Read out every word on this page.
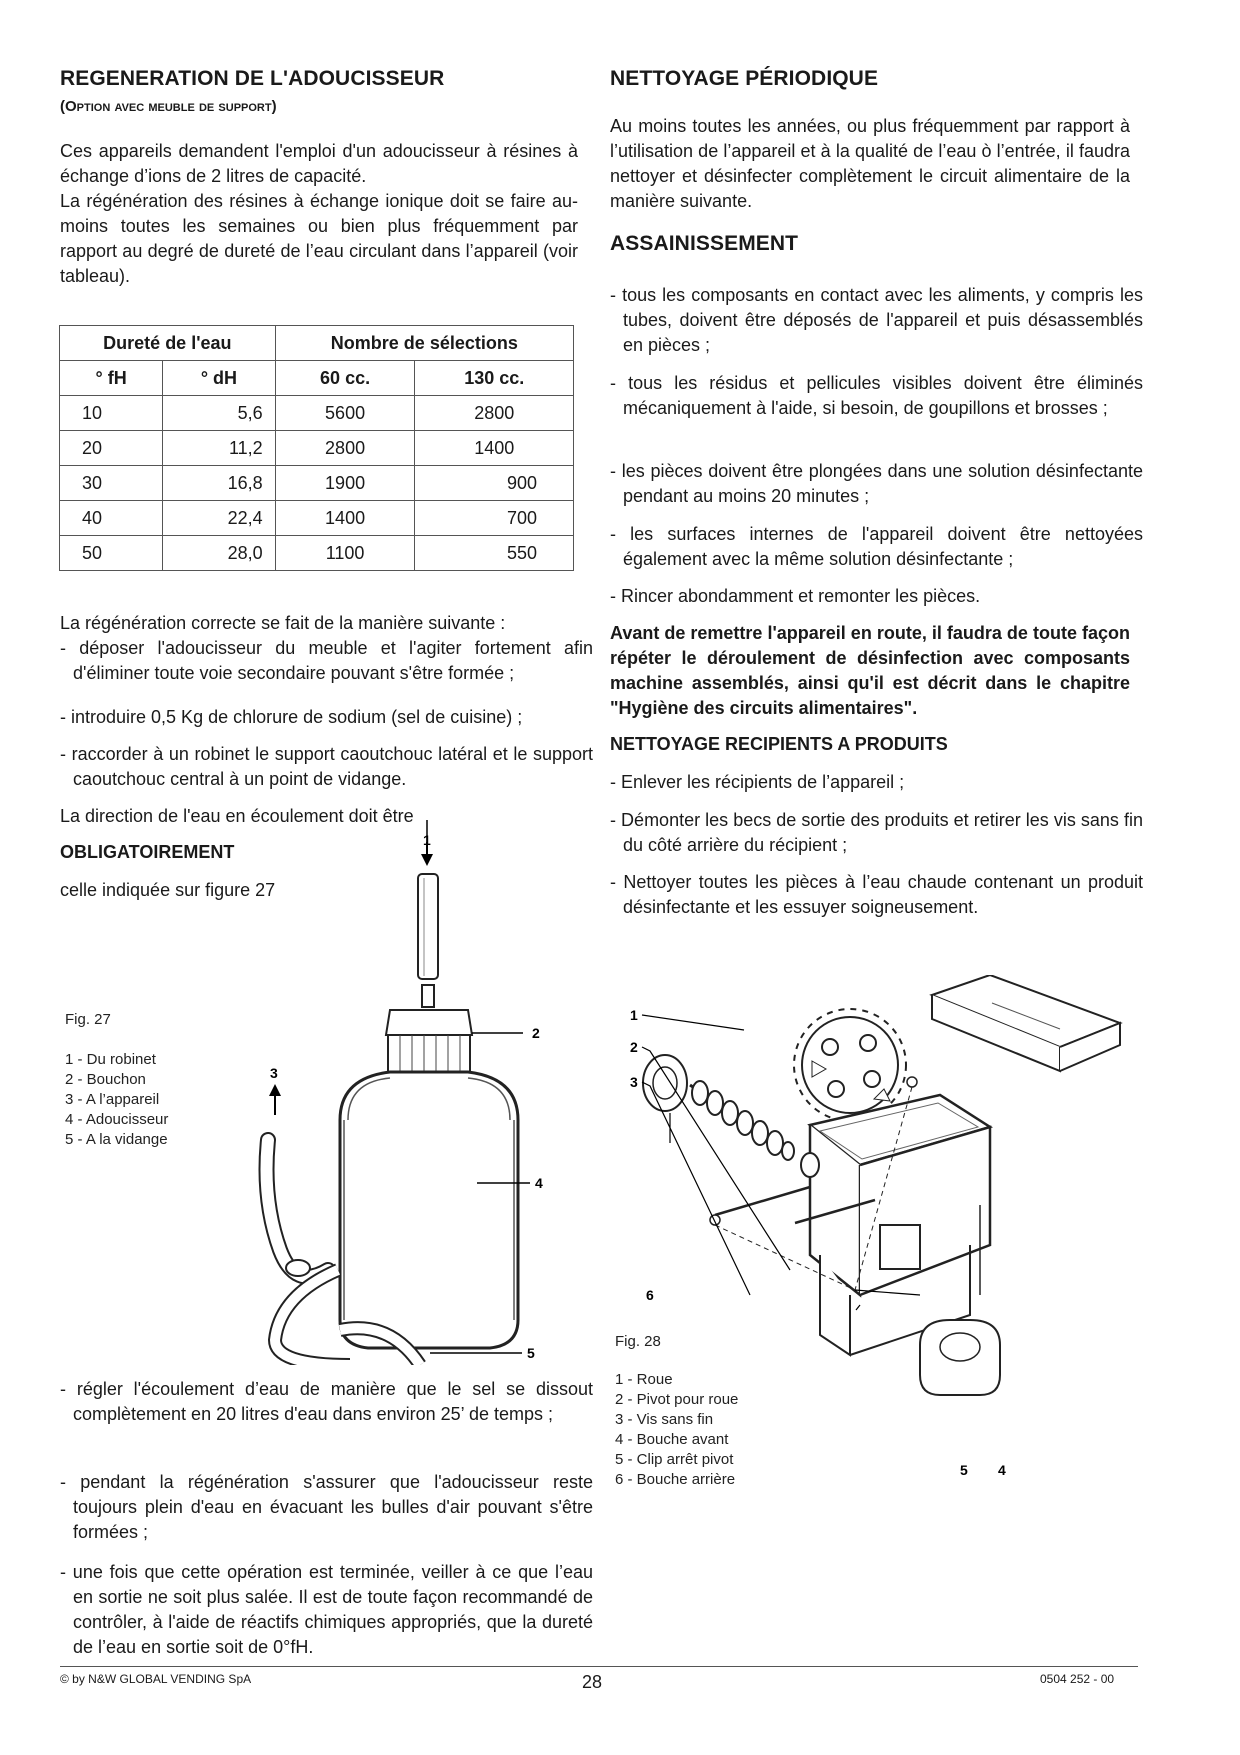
REGENERATION DE L'ADOUCISSEUR
(Option avec meuble de support)

Ces appareils demandent l'emploi d'un adoucisseur à résines à échange d’ions de 2 litres de capacité.

La régénération des résines à échange ionique doit se faire au-moins toutes les semaines ou bien plus fréquemment par rapport au degré de dureté de l’eau circulant dans l’appareil (voir tableau).

Dureté de l'eau		Nombre de sélections	
° fH	° dH	60 cc.	130 cc.
10	5,6	5600	2800
20	11,2	2800	1400
30	16,8	1900	900
40	22,4	1400	700
50	28,0	1100	550

La régénération correcte se fait de la manière suivante :

- déposer l'adoucisseur du meuble et l'agiter fortement afin d'éliminer toute voie secondaire pouvant s'être formée ;
- introduire 0,5 Kg de chlorure de sodium (sel de cuisine) ;
- raccorder à un robinet le support caoutchouc latéral et le support caoutchouc central à un point de vidange.

La direction de l'eau en écoulement doit être

OBLIGATOIREMENT

celle indiquée sur figure 27

Fig. 27
1 - Du robinet
2 - Bouchon
3 - A l’appareil
4 - Adoucisseur
5 - A la vidange
1
2
3
4
5
- régler l'écoulement d’eau de manière que le sel se dissout complètement en 20 litres d'eau dans environ 25’ de temps ;
- pendant la régénération s'assurer que l'adoucisseur reste toujours plein d'eau en évacuant les bulles d'air pouvant s'être formées ;
- une fois que cette opération est terminée, veiller à ce que l’eau en sortie ne soit plus salée. Il est de toute façon recommandé de contrôler, à l'aide de réactifs chimiques appropriés, que la dureté de l’eau en sortie soit de 0°fH.
NETTOYAGE PÉRIODIQUE

Au moins toutes les années, ou plus fréquemment par rapport à l’utilisation de l’appareil et à la qualité de l’eau ò l’entrée, il faudra nettoyer et désinfecter complètement le circuit alimentaire de la manière suivante.

ASSAINISSEMENT
- tous les composants en contact avec les aliments, y compris les tubes, doivent être déposés de l'appareil et puis désassemblés en pièces ;
- tous les résidus et pellicules visibles doivent être éliminés mécaniquement à l'aide, si besoin, de goupillons et brosses ;
- les pièces doivent être plongées dans une solution désinfectante pendant au moins 20 minutes ;
- les surfaces internes de l'appareil doivent être nettoyées également avec la même solution désinfectante ;
- Rincer abondamment et remonter les pièces.

Avant de remettre l'appareil en route, il faudra de toute façon répéter le déroulement de désinfection avec composants machine assemblés, ainsi qu'il est décrit dans le chapitre "Hygiène des circuits alimentaires".

NETTOYAGE RECIPIENTS A PRODUITS
- Enlever les récipients de l’appareil ;
- Démonter les becs de sortie des produits et retirer les vis sans fin du côté arrière du récipient ;
- Nettoyer toutes les pièces à l’eau chaude contenant un produit désinfectante et les essuyer soigneusement.
Fig. 28
1 - Roue
2 - Pivot pour roue
3 - Vis sans fin
4 - Bouche avant
5 - Clip arrêt pivot
6 - Bouche arrière
1
2
3
4
5
6
© by N&W GLOBAL VENDING SpA	28	0504 252 - 00
